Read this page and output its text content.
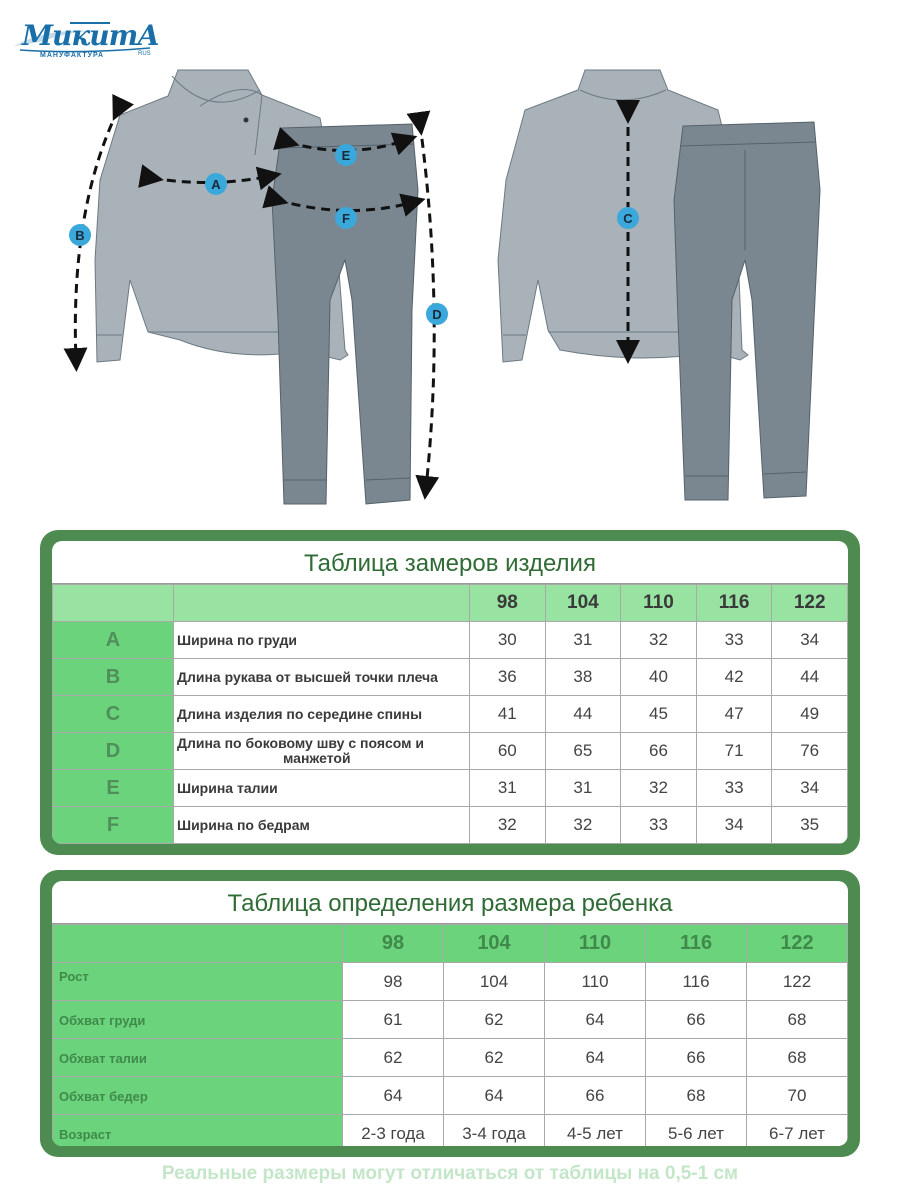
МикитА
МАНУФАКТУРА	RUS
A
B
C
D
E
F
Таблица замеров изделия
		98	104	110	116	122
A	Ширина по груди	30	31	32	33	34
B	Длина рукава от высшей точки плеча	36	38	40	42	44
C	Длина изделия по середине спины	41	44	45	47	49
D	Длина по боковому шву с поясом и
манжетой	60	65	66	71	76
E	Ширина талии	31	31	32	33	34
F	Ширина по бедрам	32	32	33	34	35
Таблица определения размера ребенка
	98	104	110	116	122
Рост	98	104	110	116	122
Обхват груди	61	62	64	66	68
Обхват талии	62	62	64	66	68
Обхват бедер	64	64	66	68	70
Возраст	2-3 года	3-4 года	4-5 лет	5-6 лет	6-7 лет
Реальные размеры могут отличаться от таблицы на 0,5-1 см
